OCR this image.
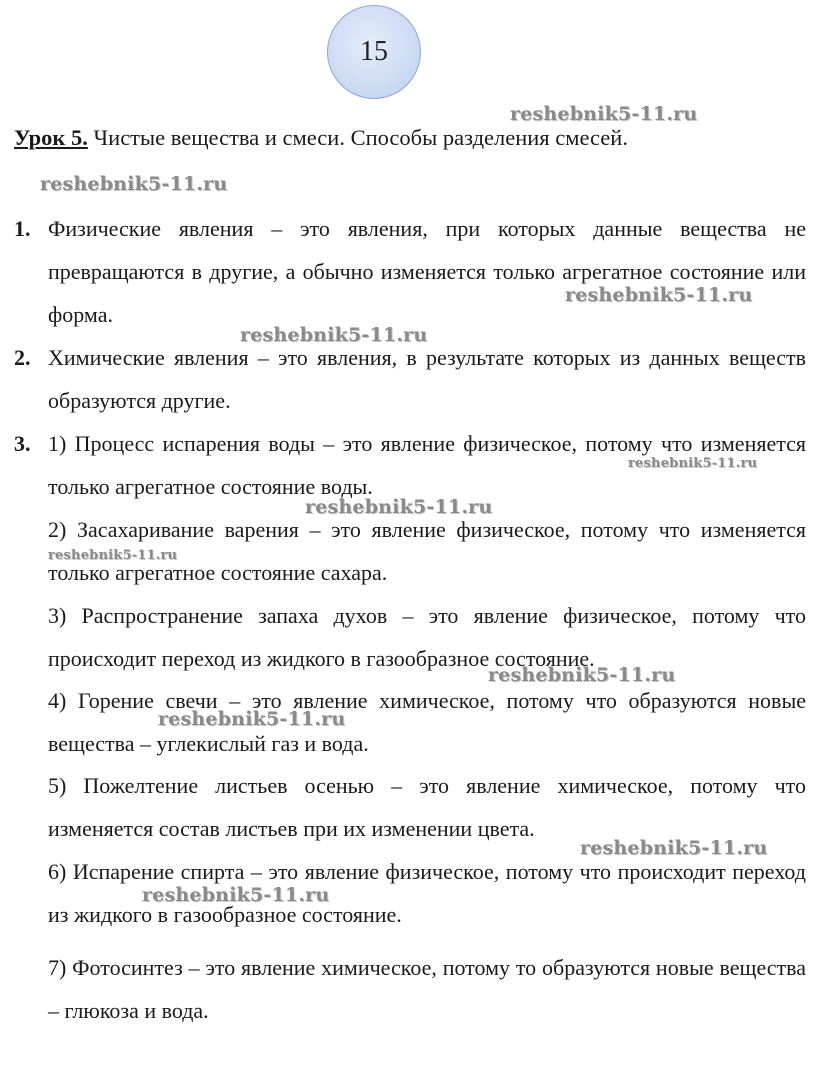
15
Урок 5. Чистые вещества и смеси. Способы разделения смесей.
1. Физические явления – это явления, при которых данные вещества не превращаются в другие, а обычно изменяется только агрегатное состояние или форма.
2. Химические явления – это явления, в результате которых из данных веществ образуются другие.
3. 1) Процесс испарения воды – это явление физическое, потому что изменяется только агрегатное состояние воды.
2) Засахаривание варения – это явление физическое, потому что изменяется только агрегатное состояние сахара.
3) Распространение запаха духов – это явление физическое, потому что происходит переход из жидкого в газообразное состояние.
4) Горение свечи – это явление химическое, потому что образуются новые вещества – углекислый газ и вода.
5) Пожелтение листьев осенью – это явление химическое, потому что изменяется состав листьев при их изменении цвета.
6) Испарение спирта – это явление физическое, потому что происходит переход из жидкого в газообразное состояние.
7) Фотосинтез – это явление химическое, потому то образуются новые вещества – глюкоза и вода.
reshebnik5-11.ru
reshebnik5-11.ru
reshebnik5-11.ru
reshebnik5-11.ru
reshebnik5-11.ru
reshebnik5-11.ru
reshebnik5-11.ru
reshebnik5-11.ru
reshebnik5-11.ru
reshebnik5-11.ru
reshebnik5-11.ru
